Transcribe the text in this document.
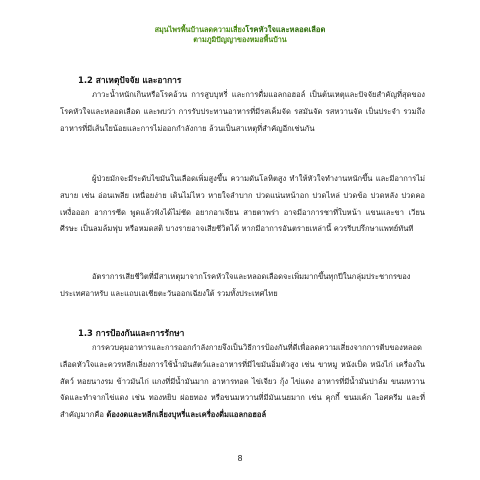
สมุนไพรพื้นบ้านลดความเสี่ยงโรคหัวใจและหลอดเลือด
ตามภูมิปัญญาของหมอพื้นบ้าน
1.2 สาเหตุปัจจัย และอาการ
ภาวะน้ำหนักเกินหรือโรคอ้วน การสูบบุหรี่ และการดื่มแอลกอฮอล์ เป็นต้นเหตุและปัจจัยสำคัญที่สุดของโรคหัวใจและหลอดเลือด และพบว่า การรับประทานอาหารที่มีรสเค็มจัด รสมันจัด รสหวานจัด เป็นประจำ รวมถึงอาหารที่มีเส้นใยน้อยและการไม่ออกกำลังกาย ล้วนเป็นสาเหตุที่สำคัญอีกเช่นกัน
ผู้ป่วยมักจะมีระดับไขมันในเลือดเพิ่มสูงขึ้น ความดันโลหิตสูง ทำให้หัวใจทำงานหนักขึ้น และมีอาการไม่สบาย เช่น อ่อนเพลีย เหนื่อยง่าย เดินไม่ไหว หายใจลำบาก ปวดแน่นหน้าอก ปวดไหล่ ปวดข้อ ปวดหลัง ปวดคอ เหงื่อออก อาการซีด พูดแล้วฟังได้ไม่ชัด อยากอาเจียน สายตาพร่า อาจมีอาการชาที่ใบหน้า แขนและขา เวียนศีรษะ เป็นลมล้มฟุบ หรือหมดสติ บางรายอาจเสียชีวิตได้ หากมีอาการอันตรายเหล่านี้ ควรรีบปรึกษาแพทย์ทันที
อัตราการเสียชีวิตที่มีสาเหตุมาจากโรคหัวใจและหลอดเลือดจะเพิ่มมากขึ้นทุกปีในกลุ่มประชากรของประเทศอาหรับ และแถบเอเชียตะวันออกเฉียงใต้ รวมทั้งประเทศไทย
1.3 การป้องกันและการรักษา
การควบคุมอาหารและการออกกำลังกายจึงเป็นวิธีการป้องกันที่ดีเพื่อลดความเสี่ยงจากการตีบของหลอดเลือดหัวใจและควรหลีกเลี่ยงการใช้น้ำมันสัตว์และอาหารที่มีไขมันอิ่มตัวสูง เช่น ขาหมู หนังเป็ด หนังไก่ เครื่องในสัตว์ หอยนางรม ข้าวมันไก่ แกงที่มีน้ำมันมาก อาหารทอด ไข่เจียว กุ้ง ไข่แดง อาหารที่มีน้ำมันปาล์ม ขนมหวานจัดและทำจากไข่แดง เช่น ทองหยิบ ฝอยทอง หรือขนมหวานที่มีมันเนยมาก เช่น คุกกี้ ขนมเค้ก ไอศครีม และที่สำคัญมากคือ ต้องงดและหลีกเลี่ยงบุหรี่และเครื่องดื่มแอลกอฮอล์
8
